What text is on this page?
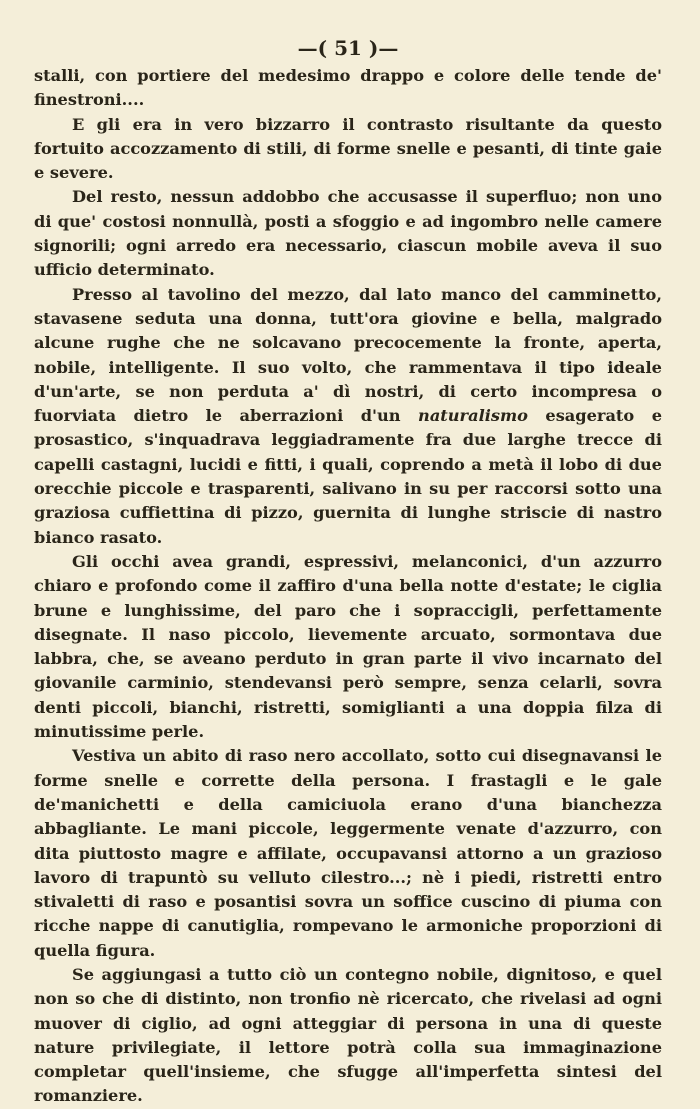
—( 51 )—

stalli, con portiere del medesimo drappo e colore delle tende de' finestroni....

E gli era in vero bizzarro il contrasto risultante da questo fortuito accozzamento di stili, di forme snelle e pesanti, di tinte gaie e severe.

Del resto, nessun addobbo che accusasse il superfluo; non uno di que' costosi nonnullà, posti a sfoggio e ad ingombro nelle camere signorili; ogni arredo era necessario, ciascun mobile aveva il suo ufficio determinato.

Presso al tavolino del mezzo, dal lato manco del camminetto, stavasene seduta una donna, tutt'ora giovine e bella, malgrado alcune rughe che ne solcavano precocemente la fronte, aperta, nobile, intelligente. Il suo volto, che rammentava il tipo ideale d'un'arte, se non perduta a' dì nostri, di certo incompresa o fuorviata dietro le aberrazioni d'un naturalismo esagerato e prosastico, s'inquadrava leggiadramente fra due larghe trecce di capelli castagni, lucidi e fitti, i quali, coprendo a metà il lobo di due orecchie piccole e trasparenti, salivano in su per raccorsi sotto una graziosa cuffiettina di pizzo, guernita di lunghe striscie di nastro bianco rasato.

Gli occhi avea grandi, espressivi, melanconici, d'un azzurro chiaro e profondo come il zaffiro d'una bella notte d'estate; le ciglia brune e lunghissime, del paro che i sopraccigli, perfettamente disegnate. Il naso piccolo, lievemente arcuato, sormontava due labbra, che, se aveano perduto in gran parte il vivo incarnato del giovanile carminio, stendevansi però sempre, senza celarli, sovra denti piccoli, bianchi, ristretti, somiglianti a una doppia filza di minutissime perle.

Vestiva un abito di raso nero accollato, sotto cui disegnavansi le forme snelle e corrette della persona. I frastagli e le gale de'manichetti e della camiciuola erano d'una bianchezza abbagliante. Le mani piccole, leggermente venate d'azzurro, con dita piuttosto magre e affilate, occupavansi attorno a un grazioso lavoro di trapuntò su velluto cilestro...; nè i piedi, ristretti entro stivaletti di raso e posantisi sovra un soffice cuscino di piuma con ricche nappe di canutiglia, rompevano le armoniche proporzioni di quella figura.

Se aggiungasi a tutto ciò un contegno nobile, dignitoso, e quel non so che di distinto, non tronfio nè ricercato, che rivelasi ad ogni muover di ciglio, ad ogni atteggiar di persona in una di queste nature privilegiate, il lettore potrà colla sua immaginazione completar quell'insieme, che sfugge all'imperfetta sintesi del romanziere.
